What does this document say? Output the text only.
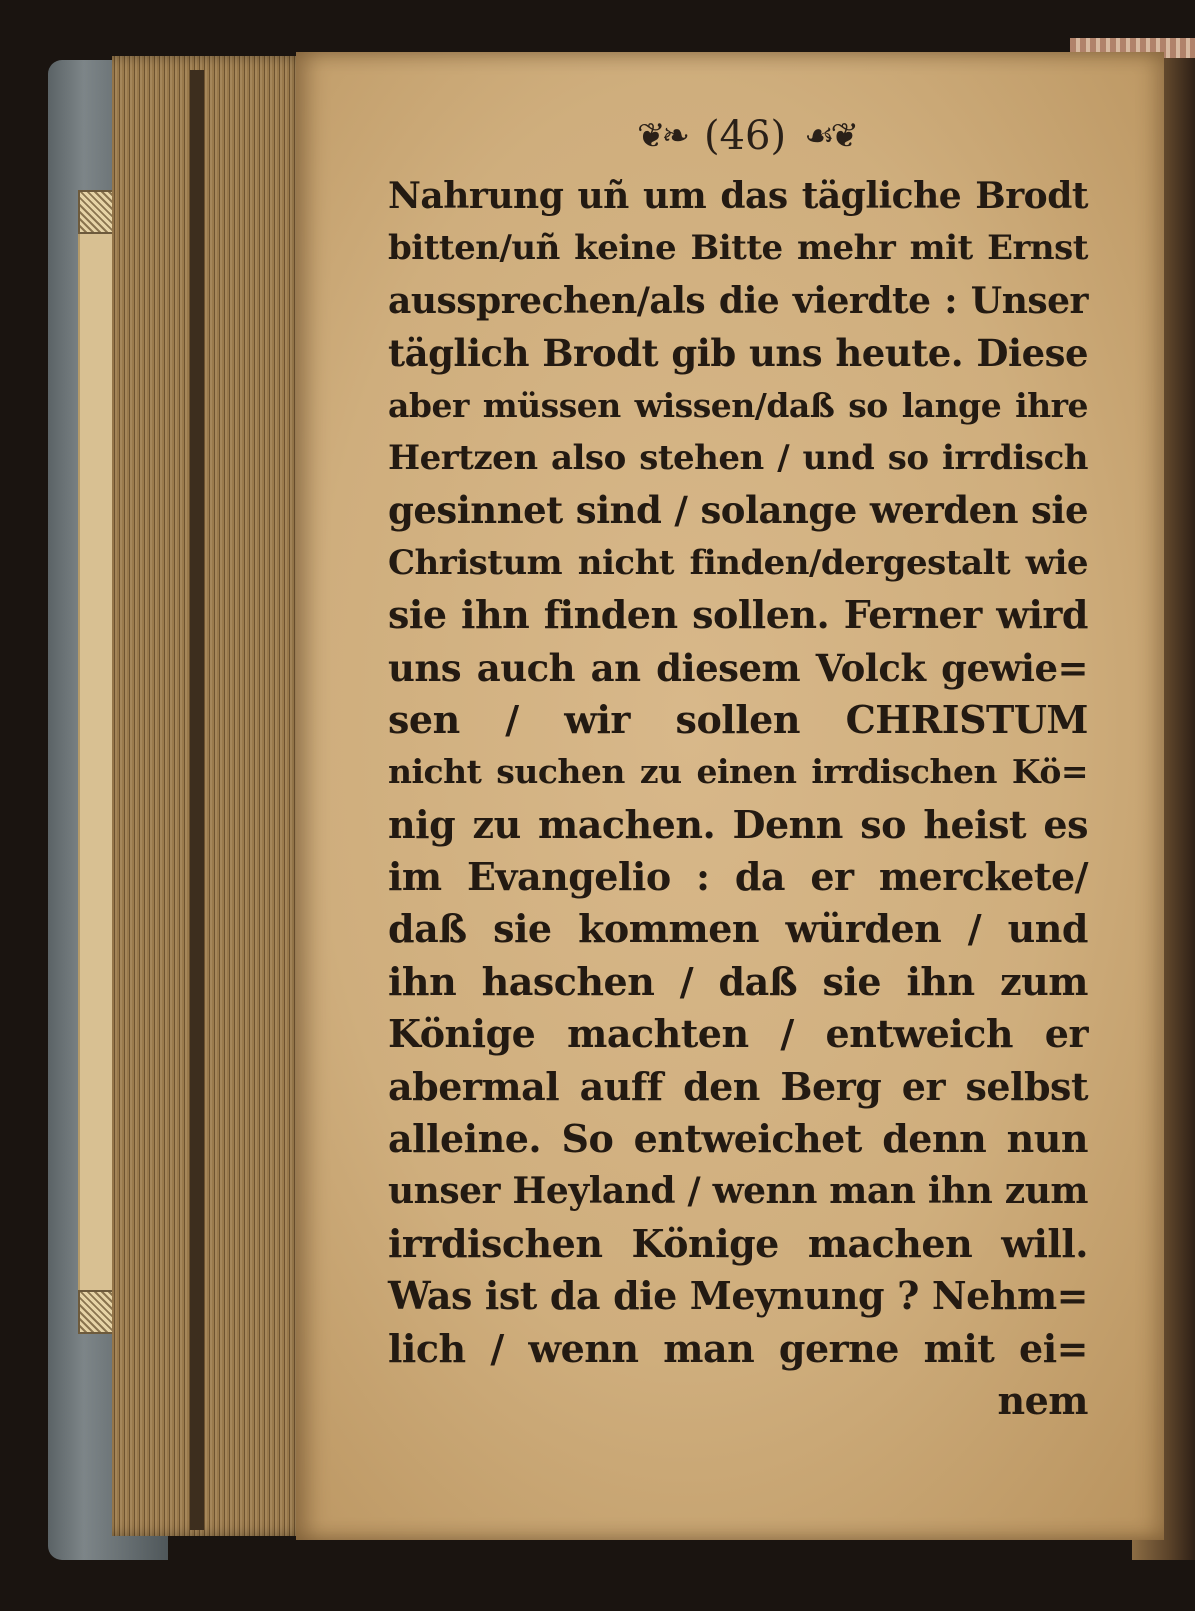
❦❧ (46) ☙❦
Nahrung uñ um das tägliche Brodt
bitten/uñ keine Bitte mehr mit Ernst
aussprechen/als die vierdte : Unser
täglich Brodt gib uns heute. Diese
aber müssen wissen/daß so lange ihre
Hertzen also stehen / und so irrdisch
gesinnet sind / solange werden sie
Christum nicht finden/dergestalt wie
sie ihn finden sollen. Ferner wird
uns auch an diesem Volck gewie=
sen / wir sollen CHRISTUM
nicht suchen zu einen irrdischen Kö=
nig zu machen. Denn so heist es
im Evangelio : da er merckete/
daß sie kommen würden / und
ihn haschen / daß sie ihn zum
Könige machten / entweich er
abermal auff den Berg er selbst
alleine. So entweichet denn nun
unser Heyland / wenn man ihn zum
irrdischen Könige machen will.
Was ist da die Meynung ? Nehm=
lich / wenn man gerne mit ei=
nem
